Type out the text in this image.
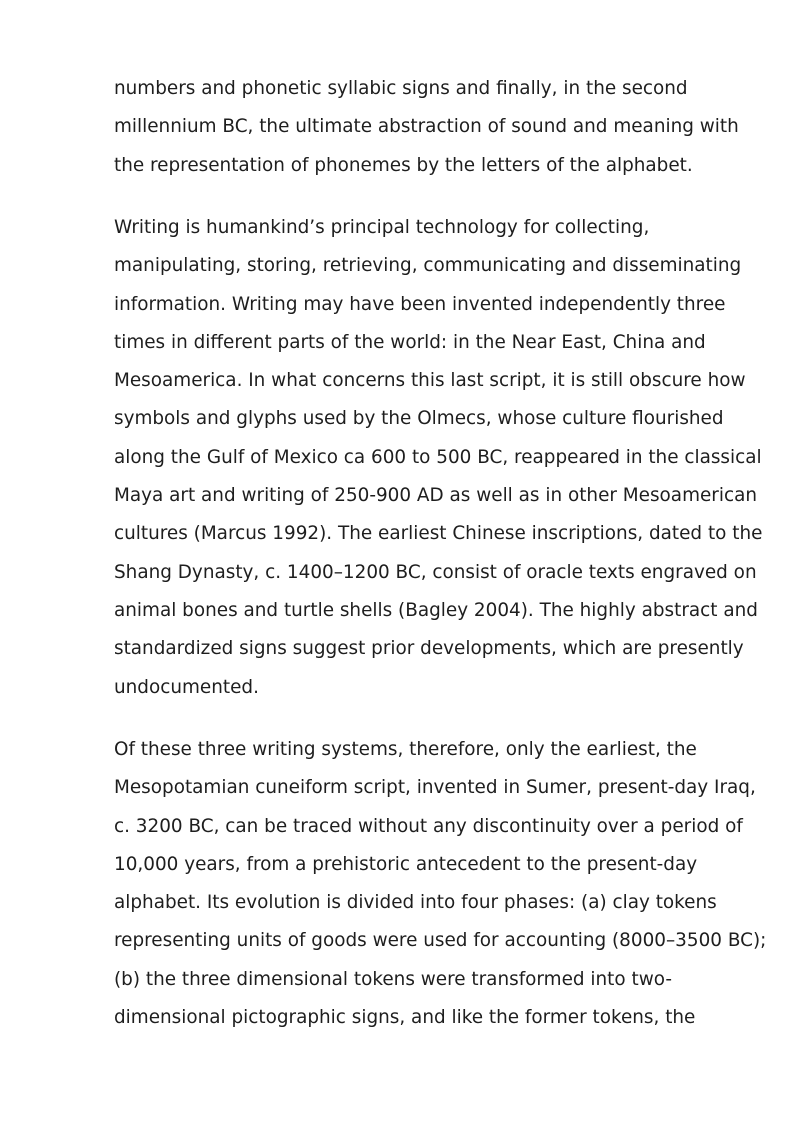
numbers and phonetic syllabic signs and finally, in the second
millennium BC, the ultimate abstraction of sound and meaning with
the representation of phonemes by the letters of the alphabet.
Writing is humankind’s principal technology for collecting,
manipulating, storing, retrieving, communicating and disseminating
information. Writing may have been invented independently three
times in different parts of the world: in the Near East, China and
Mesoamerica. In what concerns this last script, it is still obscure how
symbols and glyphs used by the Olmecs, whose culture flourished
along the Gulf of Mexico ca 600 to 500 BC, reappeared in the classical
Maya art and writing of 250-900 AD as well as in other Mesoamerican
cultures (Marcus 1992). The earliest Chinese inscriptions, dated to the
Shang Dynasty, c. 1400–1200 BC, consist of oracle texts engraved on
animal bones and turtle shells (Bagley 2004). The highly abstract and
standardized signs suggest prior developments, which are presently
undocumented.
Of these three writing systems, therefore, only the earliest, the
Mesopotamian cuneiform script, invented in Sumer, present-day Iraq,
c. 3200 BC, can be traced without any discontinuity over a period of
10,000 years, from a prehistoric antecedent to the present-day
alphabet. Its evolution is divided into four phases: (a) clay tokens
representing units of goods were used for accounting (8000–3500 BC);
(b) the three dimensional tokens were transformed into two-
dimensional pictographic signs, and like the former tokens, the
